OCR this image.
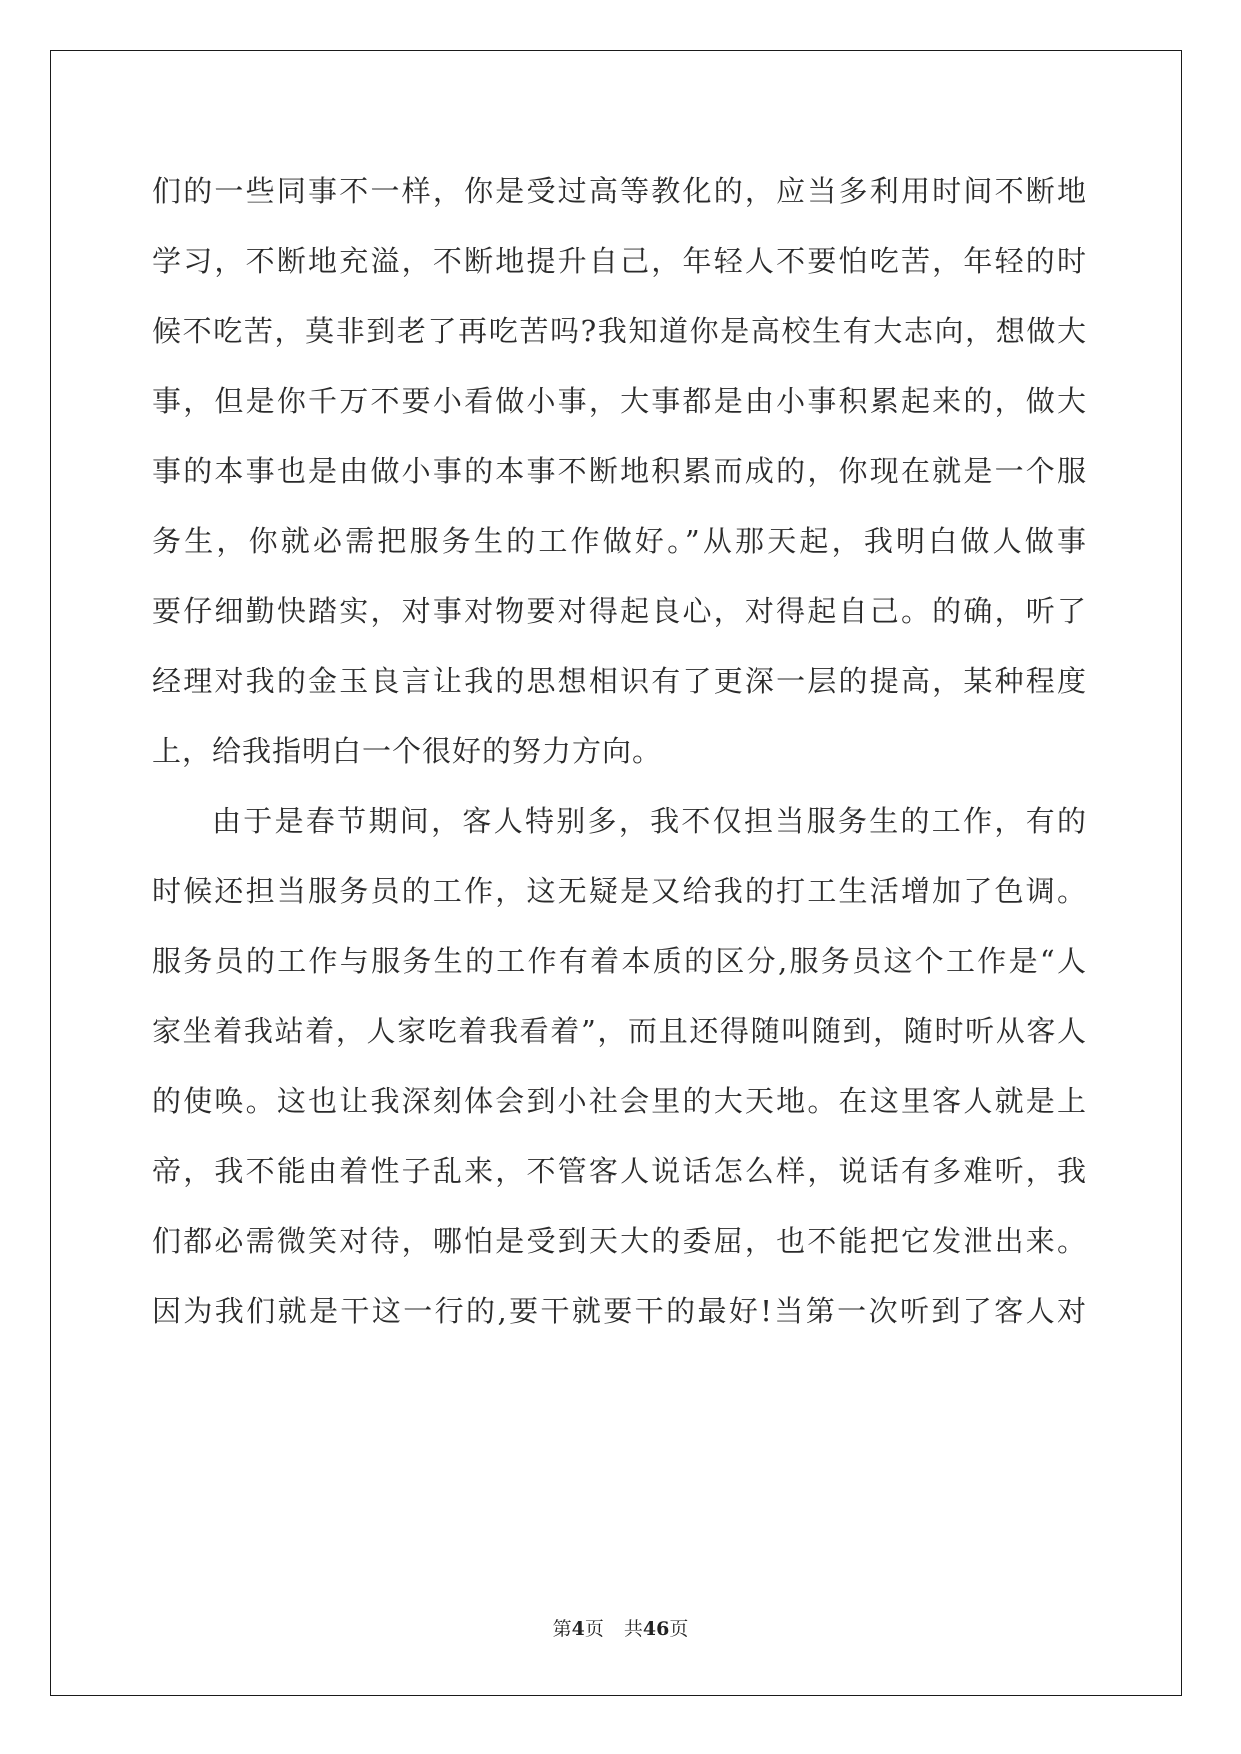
们的一些同事不一样，你是受过高等教化的，应当多利用时间不断地
学习，不断地充溢，不断地提升自己，年轻人不要怕吃苦，年轻的时
候不吃苦，莫非到老了再吃苦吗?我知道你是高校生有大志向，想做大
事，但是你千万不要小看做小事，大事都是由小事积累起来的，做大
事的本事也是由做小事的本事不断地积累而成的，你现在就是一个服
务生，你就必需把服务生的工作做好。”从那天起，我明白做人做事
要仔细勤快踏实，对事对物要对得起良心，对得起自己。的确，听了
经理对我的金玉良言让我的思想相识有了更深一层的提高，某种程度
上，给我指明白一个很好的努力方向。
由于是春节期间，客人特别多，我不仅担当服务生的工作，有的
时候还担当服务员的工作，这无疑是又给我的打工生活增加了色调。
服务员的工作与服务生的工作有着本质的区分,服务员这个工作是“人
家坐着我站着，人家吃着我看着”，而且还得随叫随到，随时听从客人
的使唤。这也让我深刻体会到小社会里的大天地。在这里客人就是上
帝，我不能由着性子乱来，不管客人说话怎么样，说话有多难听，我
们都必需微笑对待，哪怕是受到天大的委屈，也不能把它发泄出来。
因为我们就是干这一行的,要干就要干的最好!当第一次听到了客人对
第4页 共46页
